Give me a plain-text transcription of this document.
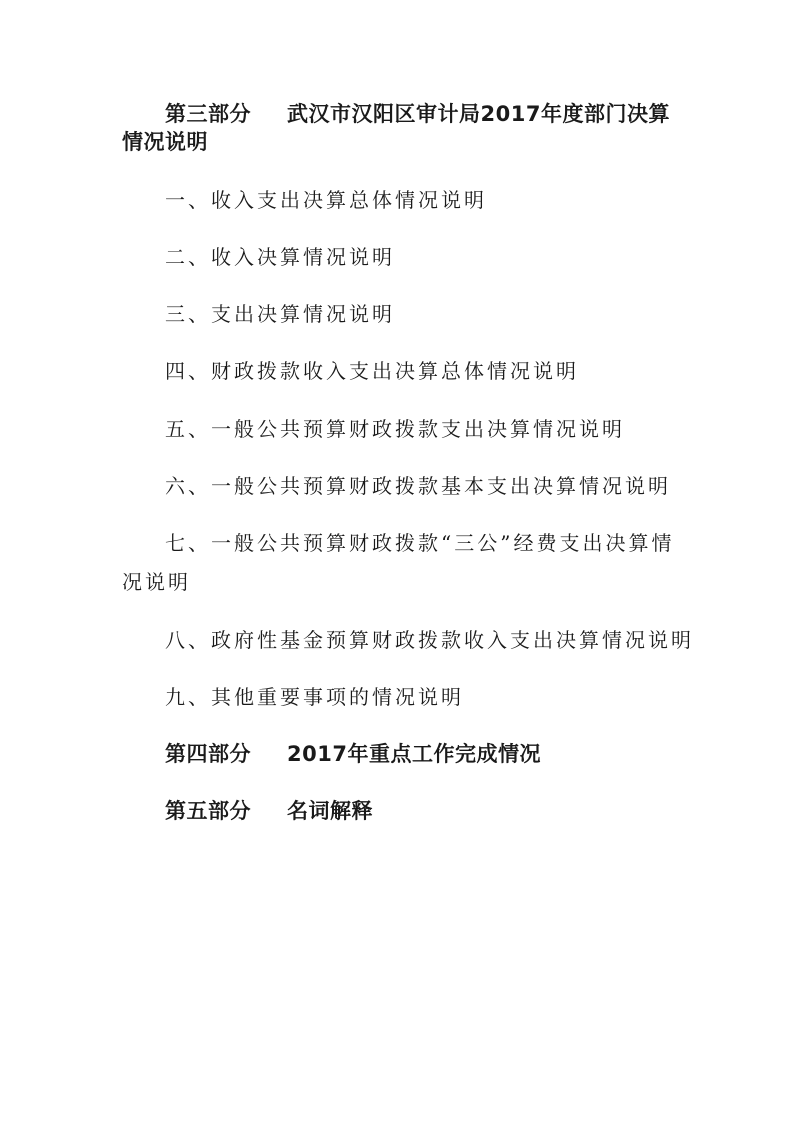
第三部分 武汉市汉阳区审计局2017年度部门决算
情况说明
一、收入支出决算总体情况说明
二、收入决算情况说明
三、支出决算情况说明
四、财政拨款收入支出决算总体情况说明
五、一般公共预算财政拨款支出决算情况说明
六、一般公共预算财政拨款基本支出决算情况说明
七、一般公共预算财政拨款“三公”经费支出决算情
况说明
八、政府性基金预算财政拨款收入支出决算情况说明
九、其他重要事项的情况说明
第四部分 2017年重点工作完成情况
第五部分 名词解释
